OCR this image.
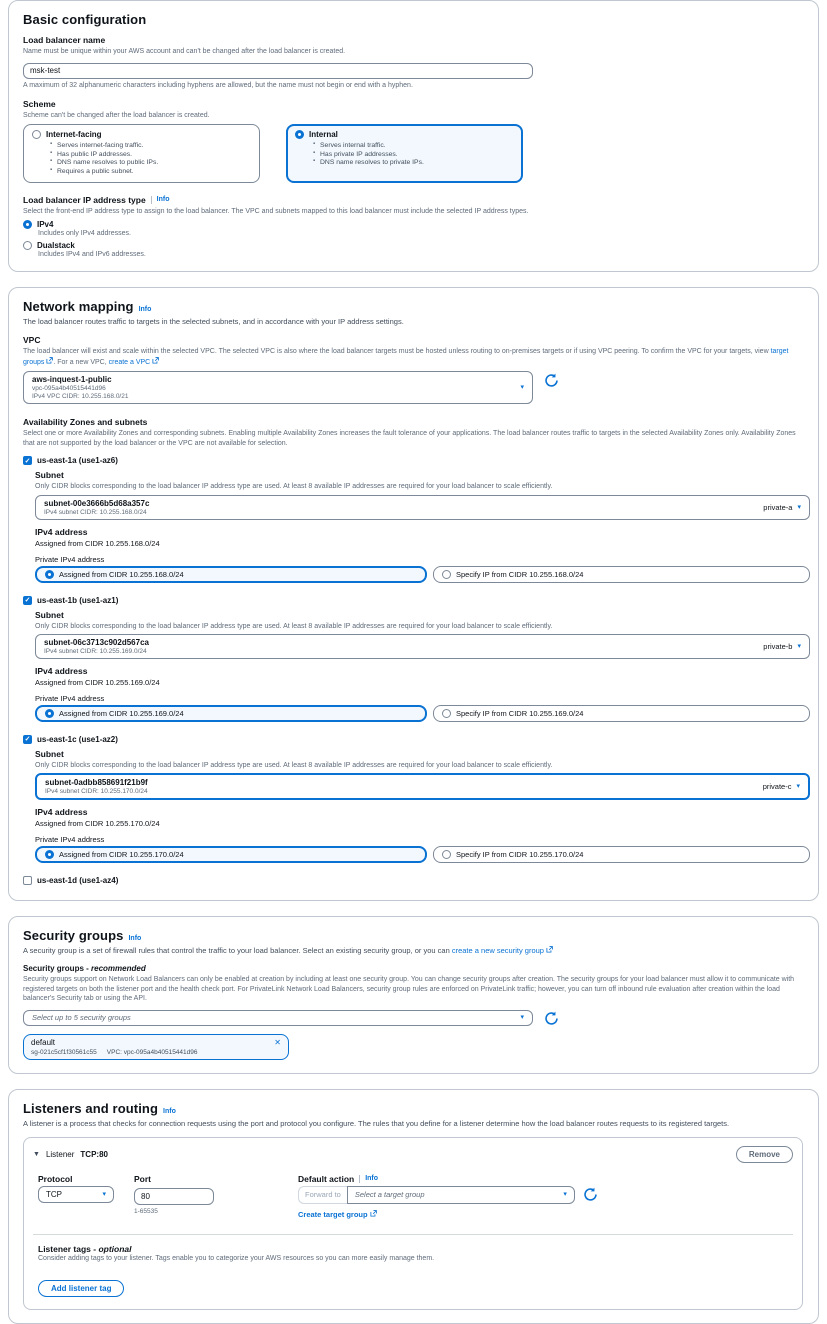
Basic configuration
Load balancer name
Name must be unique within your AWS account and can't be changed after the load balancer is created.
msk-test
A maximum of 32 alphanumeric characters including hyphens are allowed, but the name must not begin or end with a hyphen.
Scheme
Scheme can't be changed after the load balancer is created.
Internet-facing
▪ Serves internet-facing traffic.
▪ Has public IP addresses.
▪ DNS name resolves to public IPs.
▪ Requires a public subnet.
Internal
▪ Serves internal traffic.
▪ Has private IP addresses.
▪ DNS name resolves to private IPs.
Load balancer IP address type Info
Select the front-end IP address type to assign to the load balancer. The VPC and subnets mapped to this load balancer must include the selected IP address types.
IPv4
Includes only IPv4 addresses.
Dualstack
Includes IPv4 and IPv6 addresses.
Network mapping Info
The load balancer routes traffic to targets in the selected subnets, and in accordance with your IP address settings.
VPC
The load balancer will exist and scale within the selected VPC. The selected VPC is also where the load balancer targets must be hosted unless routing to on-premises targets or if using VPC peering. To confirm the VPC for your targets, view target groups . For a new VPC, create a VPC
aws-inquest-1-public
vpc-095a4b40515441d96
IPv4 VPC CIDR: 10.255.168.0/21
▾
Availability Zones and subnets
Select one or more Availability Zones and corresponding subnets. Enabling multiple Availability Zones increases the fault tolerance of your applications. The load balancer routes traffic to targets in the selected Availability Zones only. Availability Zones that are not supported by the load balancer or the VPC are not available for selection.
✓ us-east-1a (use1-az6)
Subnet
Only CIDR blocks corresponding to the load balancer IP address type are used. At least 8 available IP addresses are required for your load balancer to scale efficiently.
subnet-00e3666b5d68a357c
IPv4 subnet CIDR: 10.255.168.0/24
private-a ▾
IPv4 address
Assigned from CIDR 10.255.168.0/24
Private IPv4 address
Assigned from CIDR 10.255.168.0/24	Specify IP from CIDR 10.255.168.0/24
✓ us-east-1b (use1-az1)
Subnet
Only CIDR blocks corresponding to the load balancer IP address type are used. At least 8 available IP addresses are required for your load balancer to scale efficiently.
subnet-06c3713c902d567ca
IPv4 subnet CIDR: 10.255.169.0/24
private-b ▾
IPv4 address
Assigned from CIDR 10.255.169.0/24
Private IPv4 address
Assigned from CIDR 10.255.169.0/24	Specify IP from CIDR 10.255.169.0/24
✓ us-east-1c (use1-az2)
Subnet
Only CIDR blocks corresponding to the load balancer IP address type are used. At least 8 available IP addresses are required for your load balancer to scale efficiently.
subnet-0adbb858691f21b9f
IPv4 subnet CIDR: 10.255.170.0/24
private-c ▾
IPv4 address
Assigned from CIDR 10.255.170.0/24
Private IPv4 address
Assigned from CIDR 10.255.170.0/24	Specify IP from CIDR 10.255.170.0/24
us-east-1d (use1-az4)
Security groups Info
A security group is a set of firewall rules that control the traffic to your load balancer. Select an existing security group, or you can create a new security group
Security groups - recommended
Security groups support on Network Load Balancers can only be enabled at creation by including at least one security group. You can change security groups after creation. The security groups for your load balancer must allow it to communicate with registered targets on both the listener port and the health check port. For PrivateLink Network Load Balancers, security group rules are enforced on PrivateLink traffic; however, you can turn off inbound rule evaluation after creation within the load balancer's Security tab or using the API.
Select up to 5 security groups	▾
default	✕
sg-021c5cf1f30561c55 VPC: vpc-095a4b40515441d96
Listeners and routing Info
A listener is a process that checks for connection requests using the port and protocol you configure. The rules that you define for a listener determine how the load balancer routes requests to its registered targets.
▼ Listener TCP:80	Remove
Protocol
TCP	▾
Port
80
1-65535
Default action Info
Forward to	Select a target group	▾
Create target group
Listener tags - optional
Consider adding tags to your listener. Tags enable you to categorize your AWS resources so you can more easily manage them.
Add listener tag
